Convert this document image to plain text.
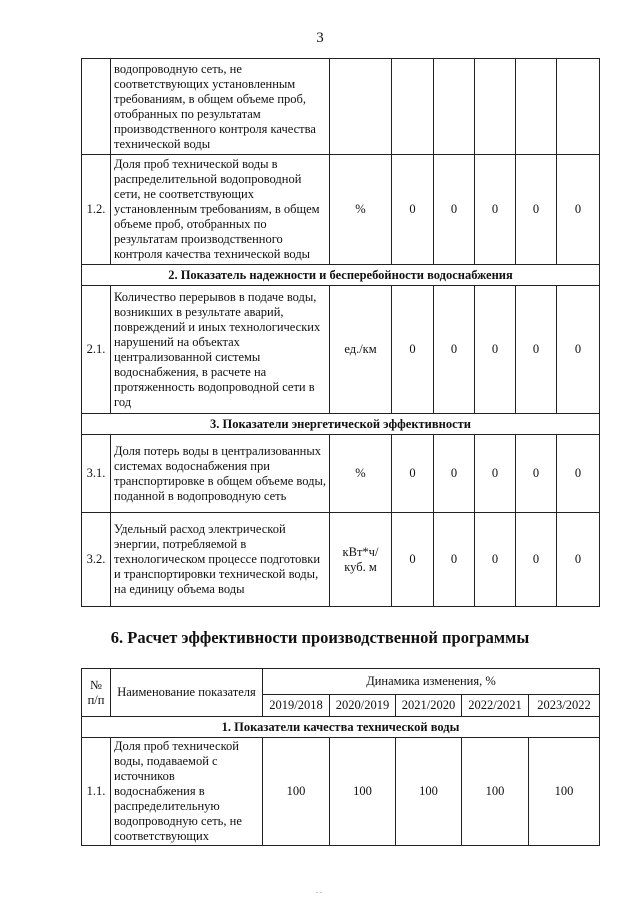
3
	водопроводную сеть, не соответствующих установленным требованиям, в общем объеме проб, отобранных по результатам производственного контроля качества технической воды						
1.2.	Доля проб технической воды в распределительной водопроводной сети, не соответствующих установленным требованиям, в общем объеме проб, отобранных по результатам производственного контроля качества технической воды	%	0	0	0	0	0
2. Показатель надежности и бесперебойности водоснабжения							
2.1.	Количество перерывов в подаче воды, возникших в результате аварий, повреждений и иных технологических нарушений на объектах централизованной системы водоснабжения, в расчете на протяженность водопроводной сети в год	ед./км	0	0	0	0	0
3. Показатели энергетической эффективности							
3.1.	Доля потерь воды в централизованных системах водоснабжения при транспортировке в общем объеме воды, поданной в водопроводную сеть	%	0	0	0	0	0
3.2.	Удельный расход электрической энергии, потребляемой в технологическом процессе подготовки и транспортировки технической воды, на единицу объема воды	кВт*ч/ куб. м	0	0	0	0	0
6. Расчет эффективности производственной программы
№ п/п	Наименование показателя	Динамика изменения, %				
		2019/2018	2020/2019	2021/2020	2022/2021	2023/2022
1. Показатели качества технической воды						
1.1.	Доля проб технической воды, подаваемой с источников водоснабжения в распределительную водопроводную сеть, не соответствующих	100	100	100	100	100
. .
